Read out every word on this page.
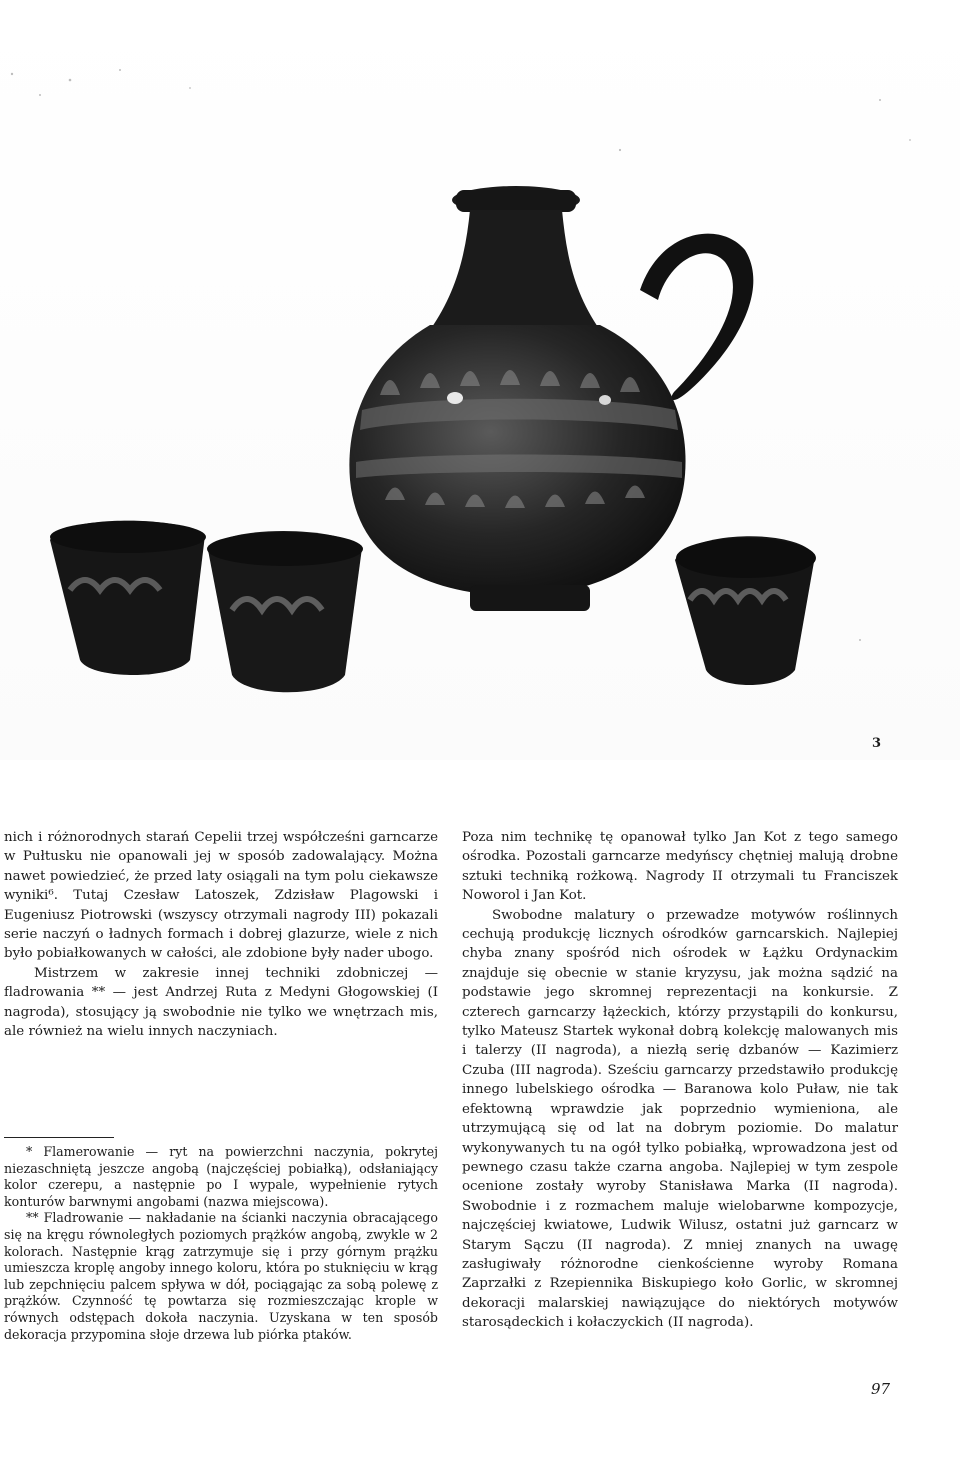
3

nich i różnorodnych starań Cepelii trzej współcześni garncarze w Pułtusku nie opanowali jej w sposób zadowalający. Można nawet powiedzieć, że przed laty osiągali na tym polu ciekawsze wyniki⁶. Tutaj Czesław Latoszek, Zdzisław Plagowski i Eugeniusz Piotrowski (wszyscy otrzymali nagrody III) pokazali serie naczyń o ładnych formach i dobrej glazurze, wiele z nich było pobiałkowanych w całości, ale zdobione były nader ubogo.

Mistrzem w zakresie innej techniki zdobniczej — fladrowania ** — jest Andrzej Ruta z Medyni Głogowskiej (I nagroda), stosujący ją swobodnie nie tylko we wnętrzach mis, ale również na wielu innych naczyniach.

* Flamerowanie — ryt na powierzchni naczynia, pokrytej niezaschniętą jeszcze angobą (najczęściej pobiałką), odsłaniający kolor czerepu, a następnie po I wypale, wypełnienie rytych konturów barwnymi angobami (nazwa miejscowa).

** Fladrowanie — nakładanie na ścianki naczynia obracającego się na kręgu równoległych poziomych prążków angobą, zwykle w 2 kolorach. Następnie krąg zatrzymuje się i przy górnym prążku umieszcza kroplę angoby innego koloru, która po stuknięciu w krąg lub zepchnięciu palcem spływa w dół, pociągając za sobą polewę z prążków. Czynność tę powtarza się rozmieszczając krople w równych odstępach dokoła naczynia. Uzyskana w ten sposób dekoracja przypomina słoje drzewa lub piórka ptaków.

Poza nim technikę tę opanował tylko Jan Kot z tego samego ośrodka. Pozostali garncarze medyńscy chętniej malują drobne sztuki techniką rożkową. Nagrody II otrzymali tu Franciszek Noworol i Jan Kot.

Swobodne malatury o przewadze motywów roślinnych cechują produkcję licznych ośrodków garncarskich. Najlepiej chyba znany spośród nich ośrodek w Łążku Ordynackim znajduje się obecnie w stanie kryzysu, jak można sądzić na podstawie jego skromnej reprezentacji na konkursie. Z czterech garncarzy łążeckich, którzy przystąpili do konkursu, tylko Mateusz Startek wykonał dobrą kolekcję malowanych mis i talerzy (II nagroda), a niezłą serię dzbanów — Kazimierz Czuba (III nagroda). Sześciu garncarzy przedstawiło produkcję innego lubelskiego ośrodka — Baranowa kolo Puław, nie tak efektowną wprawdzie jak poprzednio wymieniona, ale utrzymującą się od lat na dobrym poziomie. Do malatur wykonywanych tu na ogół tylko pobiałką, wprowadzona jest od pewnego czasu także czarna angoba. Najlepiej w tym zespole ocenione zostały wyroby Stanisława Marka (II nagroda). Swobodnie i z rozmachem maluje wielobarwne kompozycje, najczęściej kwiatowe, Ludwik Wilusz, ostatni już garncarz w Starym Sączu (II nagroda). Z mniej znanych na uwagę zasługiwały różnorodne cienkościenne wyroby Romana Zaprzałki z Rzepiennika Biskupiego koło Gorlic, w skromnej dekoracji malarskiej nawiązujące do niektórych motywów starosądeckich i kołaczyckich (II nagroda).

97
